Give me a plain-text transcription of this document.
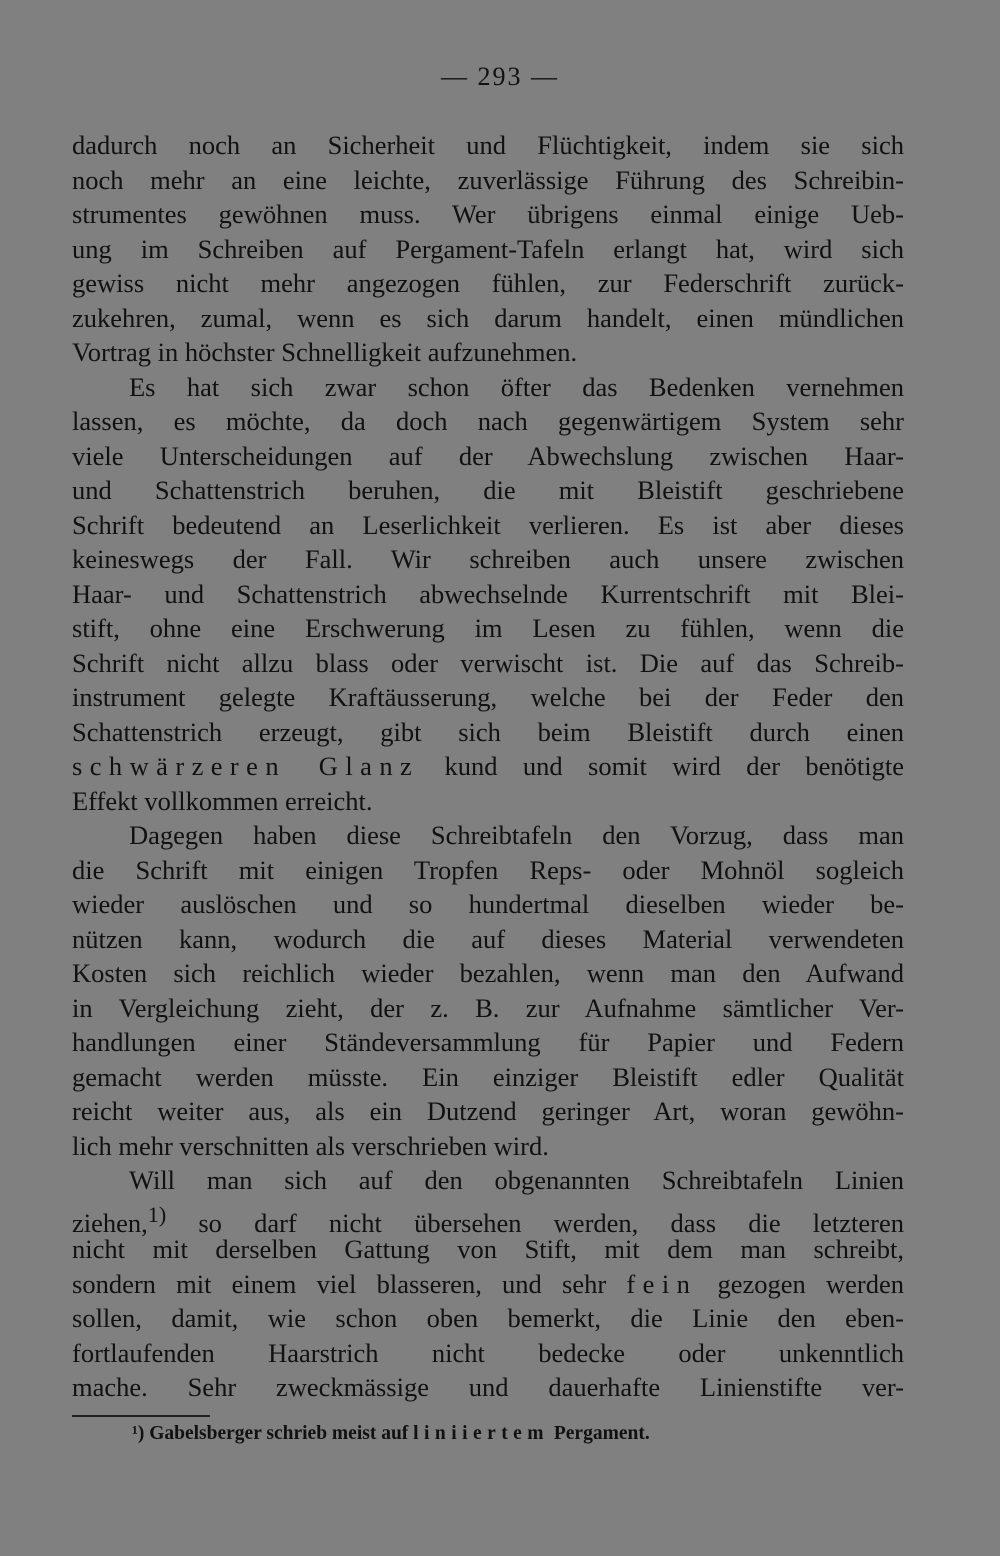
— 293 —
dadurch noch an Sicherheit und Flüchtigkeit, indem sie sich
noch mehr an eine leichte, zuverlässige Führung des Schreibin-
strumentes gewöhnen muss. Wer übrigens einmal einige Ueb-
ung im Schreiben auf Pergament-Tafeln erlangt hat, wird sich
gewiss nicht mehr angezogen fühlen, zur Federschrift zurück-
zukehren, zumal, wenn es sich darum handelt, einen mündlichen
Vortrag in höchster Schnelligkeit aufzunehmen.
Es hat sich zwar schon öfter das Bedenken vernehmen
lassen, es möchte, da doch nach gegenwärtigem System sehr
viele Unterscheidungen auf der Abwechslung zwischen Haar-
und Schattenstrich beruhen, die mit Bleistift geschriebene
Schrift bedeutend an Leserlichkeit verlieren. Es ist aber dieses
keineswegs der Fall. Wir schreiben auch unsere zwischen
Haar- und Schattenstrich abwechselnde Kurrentschrift mit Blei-
stift, ohne eine Erschwerung im Lesen zu fühlen, wenn die
Schrift nicht allzu blass oder verwischt ist. Die auf das Schreib-
instrument gelegte Kraftäusserung, welche bei der Feder den
Schattenstrich erzeugt, gibt sich beim Bleistift durch einen
schwärzeren Glanz kund und somit wird der benötigte
Effekt vollkommen erreicht.
Dagegen haben diese Schreibtafeln den Vorzug, dass man
die Schrift mit einigen Tropfen Reps- oder Mohnöl sogleich
wieder auslöschen und so hundertmal dieselben wieder be-
nützen kann, wodurch die auf dieses Material verwendeten
Kosten sich reichlich wieder bezahlen, wenn man den Aufwand
in Vergleichung zieht, der z. B. zur Aufnahme sämtlicher Ver-
handlungen einer Ständeversammlung für Papier und Federn
gemacht werden müsste. Ein einziger Bleistift edler Qualität
reicht weiter aus, als ein Dutzend geringer Art, woran gewöhn-
lich mehr verschnitten als verschrieben wird.
Will man sich auf den obgenannten Schreibtafeln Linien
ziehen,$^{1)}$ so darf nicht übersehen werden, dass die letzteren
nicht mit derselben Gattung von Stift, mit dem man schreibt,
sondern mit einem viel blasseren, und sehr fein gezogen werden
sollen, damit, wie schon oben bemerkt, die Linie den eben-
fortlaufenden Haarstrich nicht bedecke oder unkenntlich
mache. Sehr zweckmässige und dauerhafte Linienstifte ver-
¹) Gabelsberger schrieb meist auf liniiertem Pergament.
